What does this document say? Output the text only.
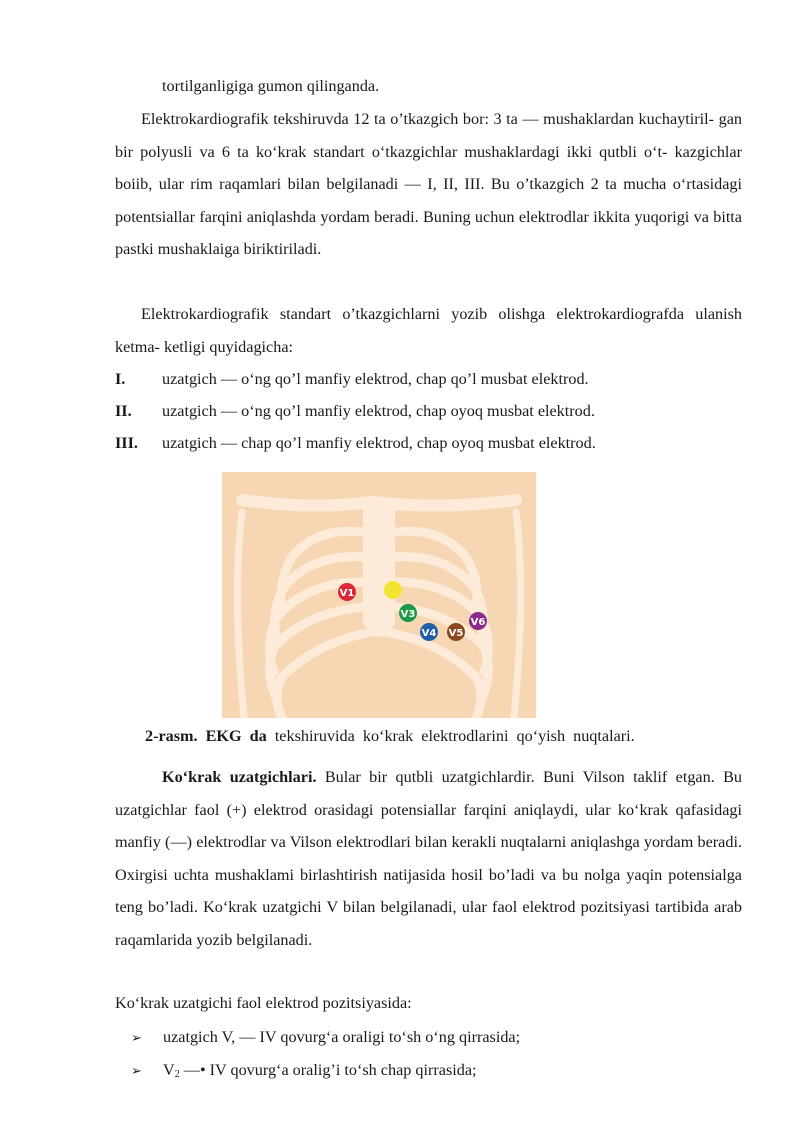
tortilganligiga gumon qilinganda.

Elektrokardiografik tekshiruvda 12 ta o’tkazgich bor: 3 ta — mushaklardan kuchaytiril- gan bir polyusli va 6 ta ko‘krak standart o‘tkazgichlar mushaklardagi ikki qutbli o‘t- kazgichlar boiib, ular rim raqamlari bilan belgilanadi — I, II, III. Bu o’tkazgich 2 ta mucha o‘rtasidagi potentsiallar farqini aniqlashda yordam beradi. Buning uchun elektrodlar ikkita yuqorigi va bitta pastki mushaklaiga biriktiriladi.

Elektrokardiografik standart o’tkazgichlarni yozib olishga elektrokardiografda ulanish ketma- ketligi quyidagicha:

I. uzatgich — o‘ng qo’l manfiy elektrod, chap qo’l musbat elektrod.
II. uzatgich — o‘ng qo’l manfiy elektrod, chap oyoq musbat elektrod.
III. uzatgich — chap qo’l manfiy elektrod, chap oyoq musbat elektrod.
V1
V3
V4 V5
V6
2-rasm. EKG da tekshiruvida ko‘krak elektrodlarini qo‘yish nuqtalari.

Ko‘krak uzatgichlari. Bular bir qutbli uzatgichlardir. Buni Vilson taklif etgan. Bu uzatgichlar faol (+) elektrod orasidagi potensiallar farqini aniqlaydi, ular ko‘krak qafasidagi manfiy (—) elektrodlar va Vilson elektrodlari bilan kerakli nuqtalarni aniqlashga yordam beradi. Oxirgisi uchta mushaklami birlashtirish natijasida hosil bo’ladi va bu nolga yaqin potensialga teng bo’ladi. Ko‘krak uzatgichi V bilan belgilanadi, ular faol elektrod pozitsiyasi tartibida arab raqamlarida yozib belgilanadi.

Ko‘krak uzatgichi faol elektrod pozitsiyasida:
➢ uzatgich V, — IV qovurg‘a oraligi to‘sh o‘ng qirrasida;
➢ $V_2$ —• IV qovurg‘a oralig’i to‘sh chap qirrasida;
